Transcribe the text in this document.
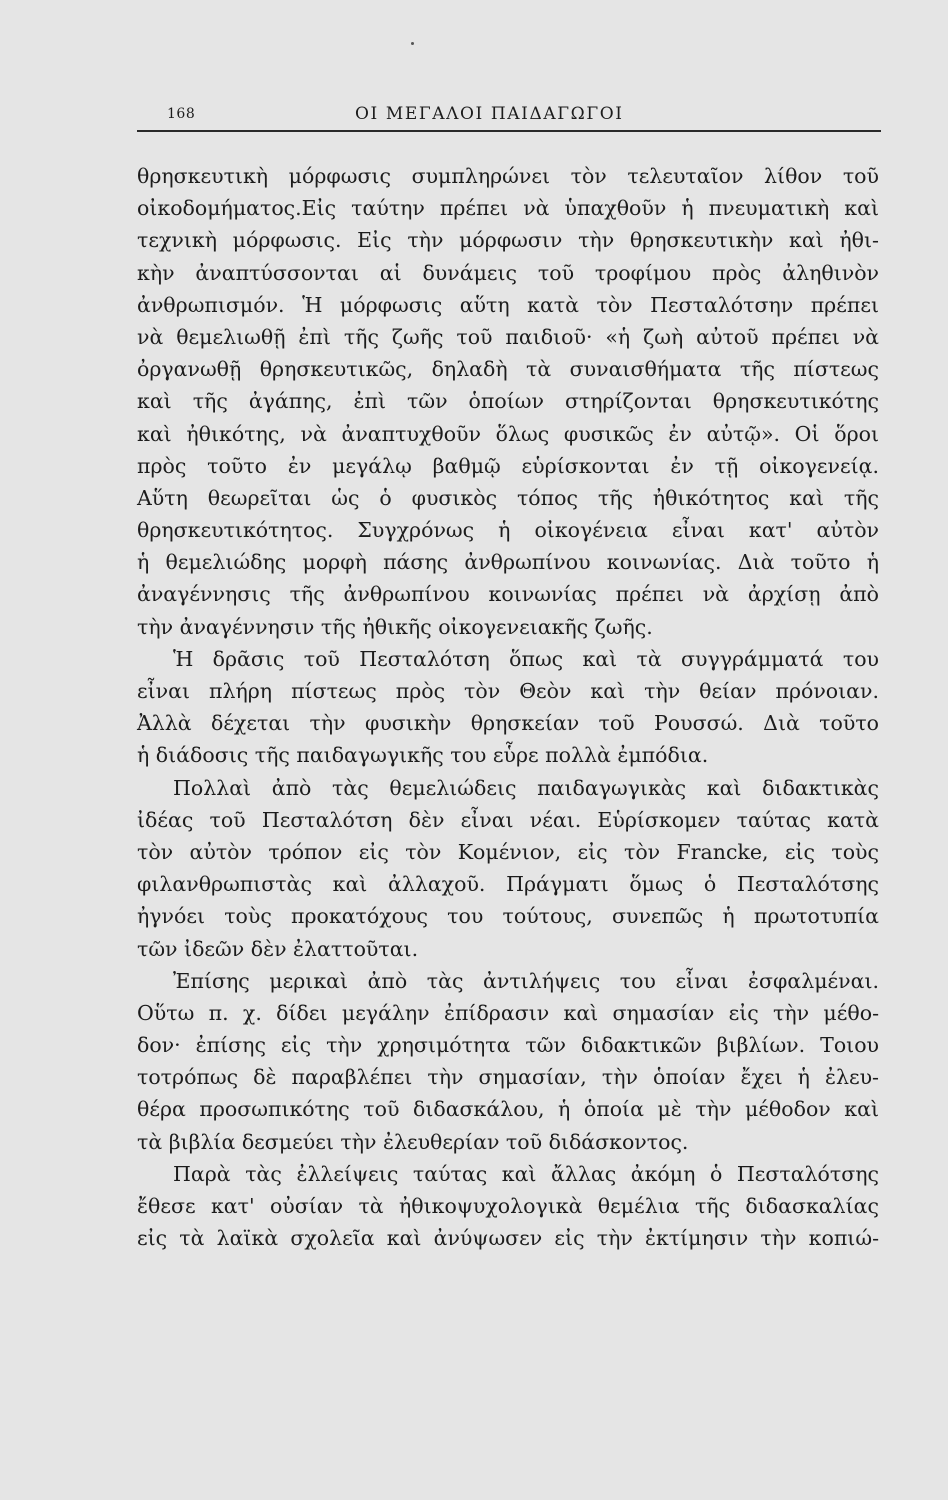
168	ΟΙ ΜΕΓΑΛΟΙ ΠΑΙΔΑΓΩΓΟΙ
θρησκευτικὴ μόρφωσις συμπληρώνει τὸν τελευταῖον λίθον τοῦ
οἰκοδομήματος.Εἰς ταύτην πρέπει νὰ ὑπαχθοῦν ἡ πνευματικὴ καὶ
τεχνικὴ μόρφωσις. Εἰς τὴν μόρφωσιν τὴν θρησκευτικὴν καὶ ἠθι-
κὴν ἀναπτύσσονται αἱ δυνάμεις τοῦ τροφίμου πρὸς ἀληθινὸν
ἀνθρωπισμόν. Ἡ μόρφωσις αὕτη κατὰ τὸν Πεσταλότσην πρέπει
νὰ θεμελιωθῇ ἐπὶ τῆς ζωῆς τοῦ παιδιοῦ· «ἡ ζωὴ αὐτοῦ πρέπει νὰ
ὀργανωθῇ θρησκευτικῶς, δηλαδὴ τὰ συναισθήματα τῆς πίστεως
καὶ τῆς ἀγάπης, ἐπὶ τῶν ὁποίων στηρίζονται θρησκευτικότης
καὶ ἠθικότης, νὰ ἀναπτυχθοῦν ὅλως φυσικῶς ἐν αὐτῷ». Οἱ ὅροι
πρὸς τοῦτο ἐν μεγάλῳ βαθμῷ εὑρίσκονται ἐν τῇ οἰκογενείᾳ.
Αὕτη θεωρεῖται ὡς ὁ φυσικὸς τόπος τῆς ἠθικότητος καὶ τῆς
θρησκευτικότητος. Συγχρόνως ἡ οἰκογένεια εἶναι κατ' αὐτὸν
ἡ θεμελιώδης μορφὴ πάσης ἀνθρωπίνου κοινωνίας. Διὰ τοῦτο ἡ
ἀναγέννησις τῆς ἀνθρωπίνου κοινωνίας πρέπει νὰ ἀρχίσῃ ἀπὸ
τὴν ἀναγέννησιν τῆς ἠθικῆς οἰκογενειακῆς ζωῆς.
Ἡ δρᾶσις τοῦ Πεσταλότση ὅπως καὶ τὰ συγγράμματά του
εἶναι πλήρη πίστεως πρὸς τὸν Θεὸν καὶ τὴν θείαν πρόνοιαν.
Ἀλλὰ δέχεται τὴν φυσικὴν θρησκείαν τοῦ Ρουσσώ. Διὰ τοῦτο
ἡ διάδοσις τῆς παιδαγωγικῆς του εὗρε πολλὰ ἐμπόδια.
Πολλαὶ ἀπὸ τὰς θεμελιώδεις παιδαγωγικὰς καὶ διδακτικὰς
ἰδέας τοῦ Πεσταλότση δὲν εἶναι νέαι. Εὑρίσκομεν ταύτας κατὰ
τὸν αὐτὸν τρόπον εἰς τὸν Κομένιον, εἰς τὸν Francke, εἰς τοὺς
φιλανθρωπιστὰς καὶ ἀλλαχοῦ. Πράγματι ὅμως ὁ Πεσταλότσης
ἠγνόει τοὺς προκατόχους του τούτους, συνεπῶς ἡ πρωτοτυπία
τῶν ἰδεῶν δὲν ἐλαττοῦται.
Ἐπίσης μερικαὶ ἀπὸ τὰς ἀντιλήψεις του εἶναι ἐσφαλμέναι.
Οὕτω π. χ. δίδει μεγάλην ἐπίδρασιν καὶ σημασίαν εἰς τὴν μέθο-
δον· ἐπίσης εἰς τὴν χρησιμότητα τῶν διδακτικῶν βιβλίων. Τοιου
τοτρόπως δὲ παραβλέπει τὴν σημασίαν, τὴν ὁποίαν ἔχει ἡ ἐλευ-
θέρα προσωπικότης τοῦ διδασκάλου, ἡ ὁποία μὲ τὴν μέθοδον καὶ
τὰ βιβλία δεσμεύει τὴν ἐλευθερίαν τοῦ διδάσκοντος.
Παρὰ τὰς ἐλλείψεις ταύτας καὶ ἄλλας ἀκόμη ὁ Πεσταλότσης
ἔθεσε κατ' οὐσίαν τὰ ἠθικοψυχολογικὰ θεμέλια τῆς διδασκαλίας
εἰς τὰ λαϊκὰ σχολεῖα καὶ ἀνύψωσεν εἰς τὴν ἐκτίμησιν τὴν κοπιώ-
